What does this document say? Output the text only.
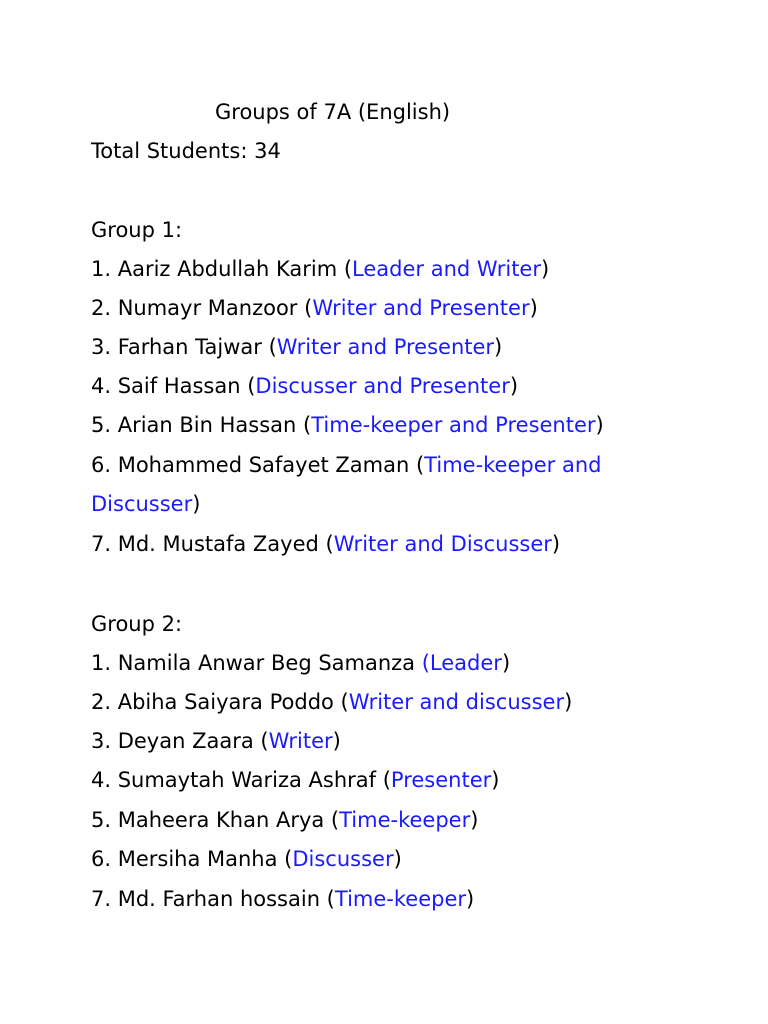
Groups of 7A (English)
Total Students: 34
Group 1:
1. Aariz Abdullah Karim (Leader and Writer)
2. Numayr Manzoor (Writer and Presenter)
3. Farhan Tajwar (Writer and Presenter)
4. Saif Hassan (Discusser and Presenter)
5. Arian Bin Hassan (Time-keeper and Presenter)
6. Mohammed Safayet Zaman (Time-keeper and
Discusser)
7. Md. Mustafa Zayed (Writer and Discusser)
Group 2:
1. Namila Anwar Beg Samanza (Leader)
2. Abiha Saiyara Poddo (Writer and discusser)
3. Deyan Zaara (Writer)
4. Sumaytah Wariza Ashraf (Presenter)
5. Maheera Khan Arya (Time-keeper)
6. Mersiha Manha (Discusser)
7. Md. Farhan hossain (Time-keeper)
